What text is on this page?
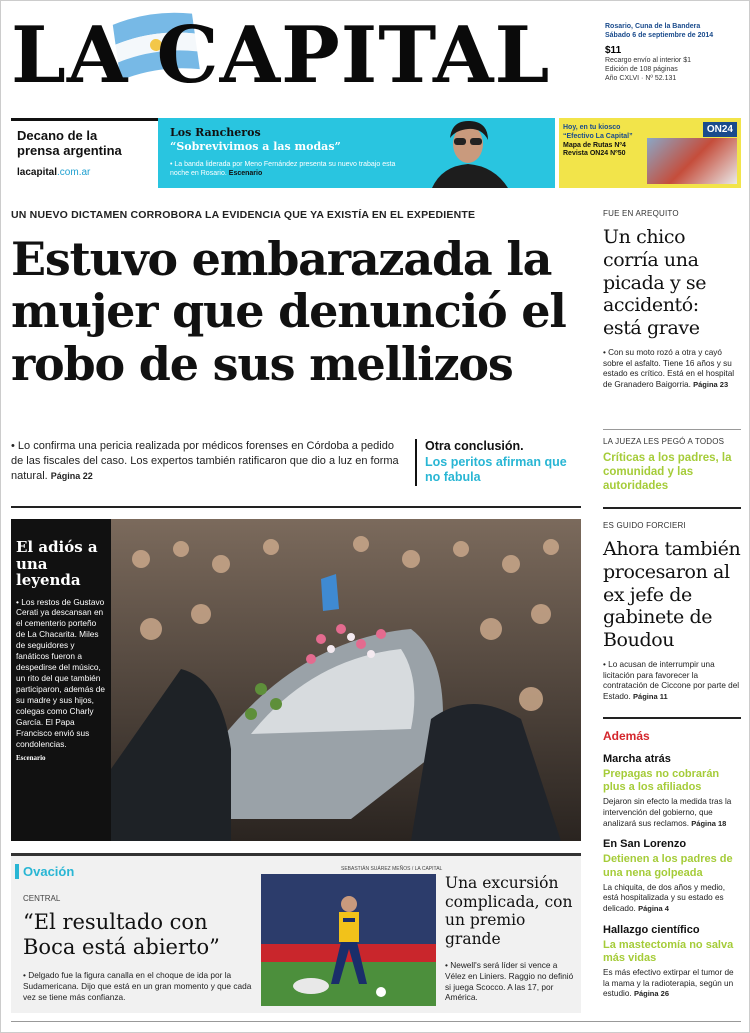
LA CAPITAL	Rosario, Cuna de la Bandera
Sábado 6 de septiembre de 2014
$11
Recargo envío al interior $1
Edición de 108 páginas
Año CXLVI · Nº 52.131
Decano de la
prensa argentina
lacapital.com.ar
Los Rancheros
“Sobrevivimos a las modas”
• La banda liderada por Meno Fernández presenta su nuevo trabajo esta noche en Rosario. Escenario
Hoy, en tu kiosco
“Efectivo La Capital”
Mapa de Rutas Nº4
Revista ON24 Nº50
ON24
UN NUEVO DICTAMEN CORROBORA LA EVIDENCIA QUE YA EXISTÍA EN EL EXPEDIENTE
Estuvo embarazada la
mujer que denunció el
robo de sus mellizos
• Lo confirma una pericia realizada por médicos forenses en Córdoba a pedido de las fiscales del caso. Los expertos también ratificaron que dio a luz en forma natural. Página 22
Otra conclusión.
Los peritos afirman que no fabula
El adiós a una leyenda

• Los restos de Gustavo Cerati ya descansan en el cementerio porteño de La Chacarita. Miles de seguidores y fanáticos fueron a despedirse del músico, un rito del que también participaron, además de su madre y sus hijos, colegas como Charly García. El Papa Francisco envió sus condolencias.

Escenario
Ovación
CENTRAL
“El resultado con Boca está abierto”
• Delgado fue la figura canalla en el choque de ida por la Sudamericana. Dijo que está en un gran momento y que cada vez se tiene más confianza.
SEBASTIÁN SUÁREZ MEÑOS / LA CAPITAL
Una excursión complicada, con un premio grande
• Newell's será líder si vence a Vélez en Liniers. Raggio no definió si juega Scocco. A las 17, por América.
FUE EN AREQUITO
Un chico corría una picada y se accidentó: está grave
• Con su moto rozó a otra y cayó sobre el asfalto. Tiene 16 años y su estado es crítico. Está en el hospital de Granadero Baigorria. Página 23
LA JUEZA LES PEGÓ A TODOS
Críticas a los padres, la comunidad y las autoridades
ES GUIDO FORCIERI
Ahora también procesaron al ex jefe de gabinete de Boudou
• Lo acusan de interrumpir una licitación para favorecer la contratación de Ciccone por parte del Estado. Página 11
Además
Marcha atrás
Prepagas no cobrarán plus a los afiliados
Dejaron sin efecto la medida tras la intervención del gobierno, que analizará sus reclamos. Página 18
En San Lorenzo
Detienen a los padres de una nena golpeada
La chiquita, de dos años y medio, está hospitalizada y su estado es delicado. Página 4
Hallazgo científico
La mastectomía no salva más vidas
Es más efectivo extirpar el tumor de la mama y la radioterapia, según un estudio. Página 26
